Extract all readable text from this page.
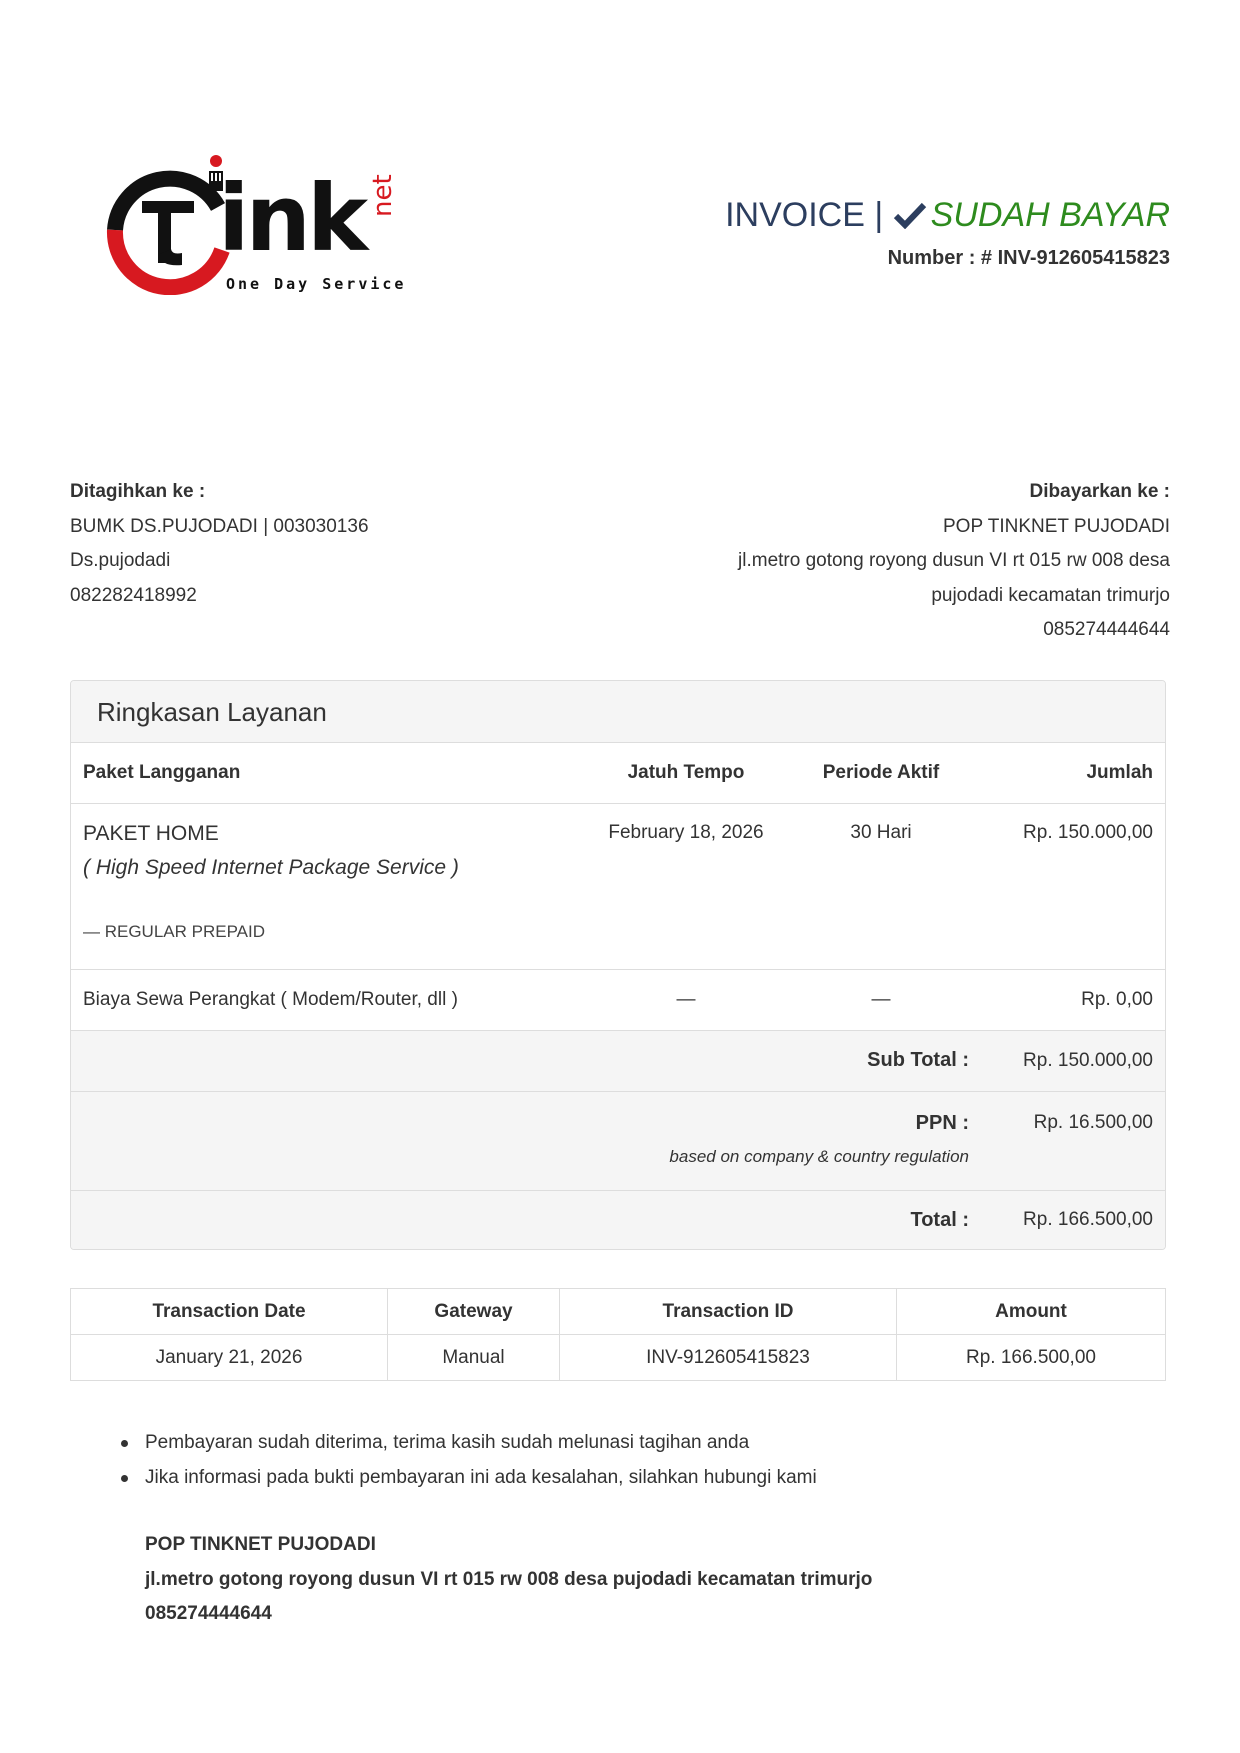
ink net
One Day Service
INVOICE | SUDAH BAYAR
Number : # INV-912605415823
Ditagihkan ke :
BUMK DS.PUJODADI | 003030136
Ds.pujodadi
082282418992
Dibayarkan ke :
POP TINKNET PUJODADI
jl.metro gotong royong dusun VI rt 015 rw 008 desa
pujodadi kecamatan trimurjo
085274444644
Ringkasan Layanan
Paket Langganan	Jatuh Tempo	Periode Aktif	Jumlah

PAKET HOME
( High Speed Internet Package Service )
— REGULAR PREPAID	February 18, 2026	30 Hari	Rp. 150.000,00
Biaya Sewa Perangkat ( Modem/Router, dll )	—	—	Rp. 0,00
Sub Total :			Rp. 150.000,00

PPN :
based on company & country regulation			Rp. 16.500,00
Total :			Rp. 166.500,00
Transaction Date	Gateway	Transaction ID	Amount
January 21, 2026	Manual	INV-912605415823	Rp. 166.500,00
Pembayaran sudah diterima, terima kasih sudah melunasi tagihan anda
Jika informasi pada bukti pembayaran ini ada kesalahan, silahkan hubungi kami
POP TINKNET PUJODADI
jl.metro gotong royong dusun VI rt 015 rw 008 desa pujodadi kecamatan trimurjo
085274444644
